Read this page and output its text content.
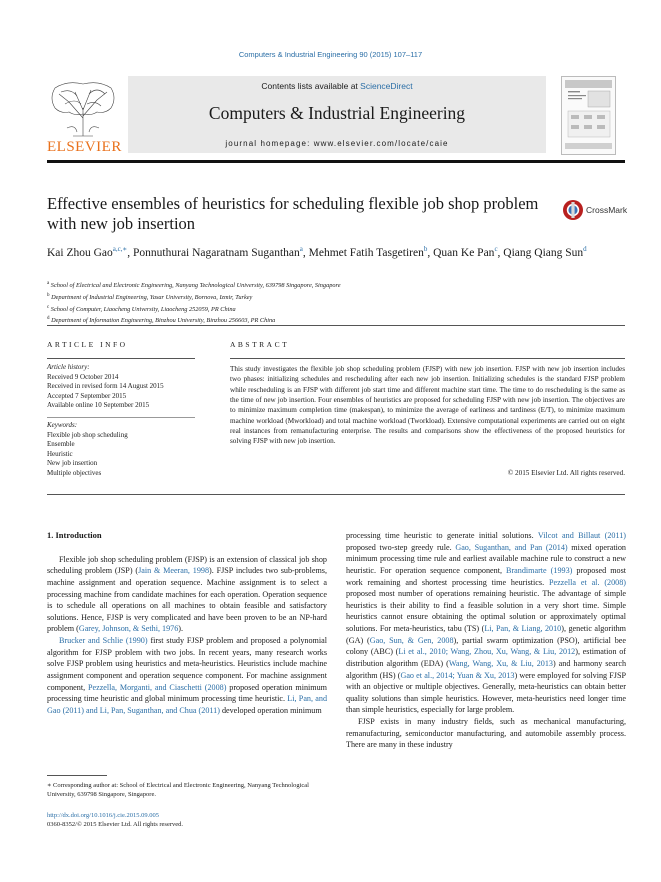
Computers & Industrial Engineering 90 (2015) 107–117
ELSEVIER
Contents lists available at ScienceDirect
Computers & Industrial Engineering
journal homepage: www.elsevier.com/locate/caie
Effective ensembles of heuristics for scheduling flexible job shop problem with new job insertion
CrossMark
Kai Zhou Gao$^{a,c,∗}$, Ponnuthurai Nagaratnam Suganthan$^a$, Mehmet Fatih Tasgetiren$^b$, Quan Ke Pan$^c$, Qiang Qiang Sun$^d$
$^a$ School of Electrical and Electronic Engineering, Nanyang Technological University, 639798 Singapore, Singapore
$^b$ Department of Industrial Engineering, Yasar University, Bornova, Izmir, Turkey
$^c$ School of Computer, Liaocheng University, Liaocheng 252059, PR China
$^d$ Department of Information Engineering, Binzhou University, Binzhou 256603, PR China
ARTICLE INFO
Article history:
Received 9 October 2014
Received in revised form 14 August 2015
Accepted 7 September 2015
Available online 10 September 2015
Keywords:
Flexible job shop scheduling
Ensemble
Heuristic
New job insertion
Multiple objectives
ABSTRACT
This study investigates the flexible job shop scheduling problem (FJSP) with new job insertion. FJSP with new job insertion includes two phases: initializing schedules and rescheduling after each new job insertion. Initializing schedules is the standard FJSP problem while rescheduling is an FJSP with different job start time and different machine start time. The time to do rescheduling is the same as the time of new job insertion. Four ensembles of heuristics are proposed for scheduling FJSP with new job insertion. The objectives are to minimize maximum completion time (makespan), to minimize the average of earliness and tardiness (E/T), to minimize maximum machine workload (Mworkload) and total machine workload (Tworkload). Extensive computational experiments are carried out on eight real instances from remanufacturing enterprise. The results and comparisons show the effectiveness of the proposed heuristics for solving FJSP with new job insertion.
© 2015 Elsevier Ltd. All rights reserved.

1. Introduction

Flexible job shop scheduling problem (FJSP) is an extension of classical job shop scheduling problem (JSP) (Jain & Meeran, 1998). FJSP includes two sub-problems, machine assignment and operation sequence. Machine assignment is to select a processing machine from candidate machines for each operation. Operation sequence is to schedule all operations on all machines to obtain feasible and satisfactory solutions. Hence, FJSP is very complicated and have been proven to be an NP-hard problem (Garey, Johnson, & Sethi, 1976).

Brucker and Schlie (1990) first study FJSP problem and proposed a polynomial algorithm for FJSP problem with two jobs. In recent years, many research works solve FJSP problem using heuristics and meta-heuristics. Heuristics include machine assignment component and operation sequence component. For machine assignment component, Pezzella, Morganti, and Ciaschetti (2008) proposed operation minimum processing time heuristic and global minimum processing time heuristic. Li, Pan, and Gao (2011) and Li, Pan, Suganthan, and Chua (2011) developed operation minimum

processing time heuristic to generate initial solutions. Vilcot and Billaut (2011) proposed two-step greedy rule. Gao, Suganthan, and Pan (2014) mixed operation minimum processing time rule and earliest available machine rule to construct a new heuristic. For operation sequence component, Brandimarte (1993) proposed most work remaining and shortest processing time heuristics. Pezzella et al. (2008) proposed most number of operations remaining heuristic. The advantage of simple heuristics is their ability to find a feasible solution in a very short time. Simple heuristics cannot ensure obtaining the optimal solution or approximately optimal solutions. For meta-heuristics, tabu (TS) (Li, Pan, & Liang, 2010), genetic algorithm (GA) (Gao, Sun, & Gen, 2008), partial swarm optimization (PSO), artificial bee colony (ABC) (Li et al., 2010; Wang, Zhou, Xu, Wang, & Liu, 2012), estimation of distribution algorithm (EDA) (Wang, Wang, Xu, & Liu, 2013) and harmony search algorithm (HS) (Gao et al., 2014; Yuan & Xu, 2013) were employed for solving FJSP with an objective or multiple objectives. Generally, meta-heuristics can obtain better quality solutions than simple heuristics. However, meta-heuristics need longer time than simple heuristics, especially for large problem.

FJSP exists in many industry fields, such as mechanical manufacturing, remanufacturing, semiconductor manufacturing, and automobile assembly process. There are many in these industry

∗ Corresponding author at: School of Electrical and Electronic Engineering, Nanyang Technological University, 639798 Singapore, Singapore.
http://dx.doi.org/10.1016/j.cie.2015.09.005
0360-8352/© 2015 Elsevier Ltd. All rights reserved.
